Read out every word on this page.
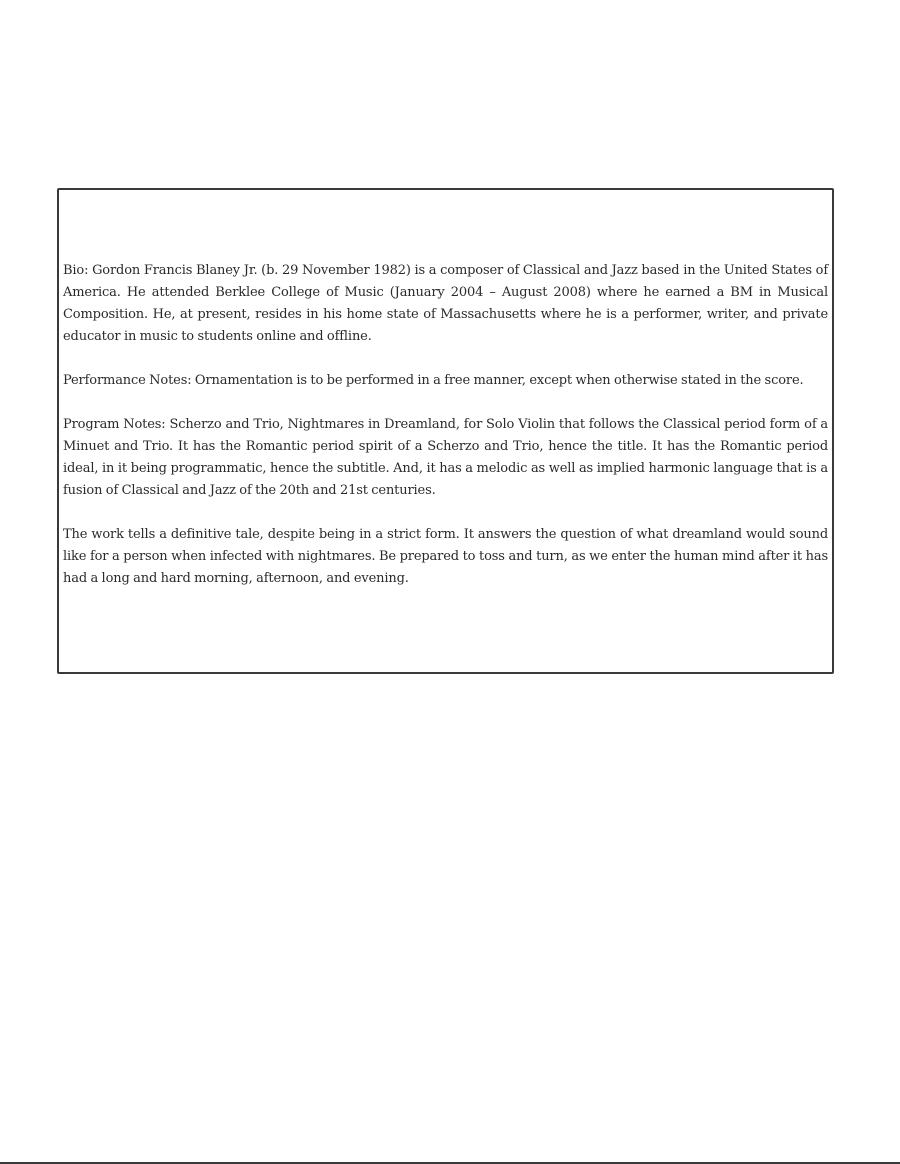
Bio: Gordon Francis Blaney Jr. (b. 29 November 1982) is a composer of Classical and Jazz based in the United States of America. He attended Berklee College of Music (January 2004 – August 2008) where he earned a BM in Musical Composition. He, at present, resides in his home state of Massachusetts where he is a performer, writer, and private educator in music to students online and offline.

Performance Notes: Ornamentation is to be performed in a free manner, except when otherwise stated in the score.

Program Notes: Scherzo and Trio, Nightmares in Dreamland, for Solo Violin that follows the Classical period form of a Minuet and Trio. It has the Romantic period spirit of a Scherzo and Trio, hence the title. It has the Romantic period ideal, in it being programmatic, hence the subtitle. And, it has a melodic as well as implied harmonic language that is a fusion of Classical and Jazz of the 20th and 21st centuries.

The work tells a definitive tale, despite being in a strict form. It answers the question of what dreamland would sound like for a person when infected with nightmares. Be prepared to toss and turn, as we enter the human mind after it has had a long and hard morning, afternoon, and evening.
